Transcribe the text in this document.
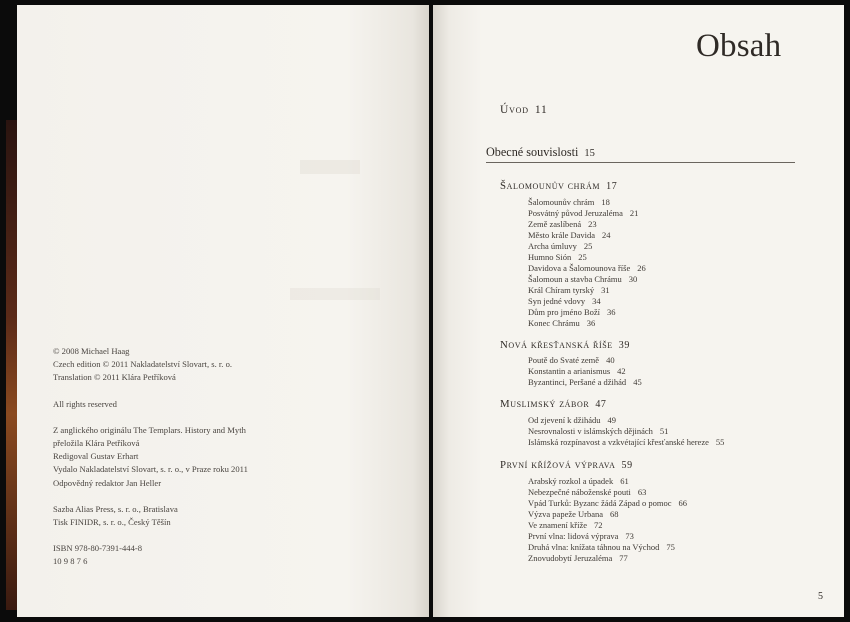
© 2008 Michael Haag
Czech edition © 2011 Nakladatelství Slovart, s. r. o.
Translation © 2011 Klára Petříková
All rights reserved
Z anglického originálu The Templars. History and Myth
přeložila Klára Petříková
Redigoval Gustav Erhart
Vydalo Nakladatelství Slovart, s. r. o., v Praze roku 2011
Odpovědný redaktor Jan Heller
Sazba Alias Press, s. r. o., Bratislava
Tisk FINIDR, s. r. o., Český Těšín
ISBN 978-80-7391-444-8
10 9 8 7 6
Obsah
Úvod 11
Obecné souvislosti 15
Šalomounův chrám 17
Šalomounův chrám 18
Posvátný původ Jeruzaléma 21
Země zaslíbená 23
Město krále Davida 24
Archa úmluvy 25
Humno Sión 25
Davidova a Šalomounova říše 26
Šalomoun a stavba Chrámu 30
Král Chíram tyrský 31
Syn jedné vdovy 34
Dům pro jméno Boží 36
Konec Chrámu 36
Nová křesťanská říše 39
Poutě do Svaté země 40
Konstantin a arianismus 42
Byzantinci, Peršané a džihád 45
Muslimský zábor 47
Od zjevení k džihádu 49
Nesrovnalosti v islámských dějinách 51
Islámská rozpínavost a vzkvétající křesťanské hereze 55
První křížová výprava 59
Arabský rozkol a úpadek 61
Nebezpečné náboženské pouti 63
Vpád Turků: Byzanc žádá Západ o pomoc 66
Výzva papeže Urbana 68
Ve znamení kříže 72
První vlna: lidová výprava 73
Druhá vlna: knížata táhnou na Východ 75
Znovudobytí Jeruzaléma 77
5
